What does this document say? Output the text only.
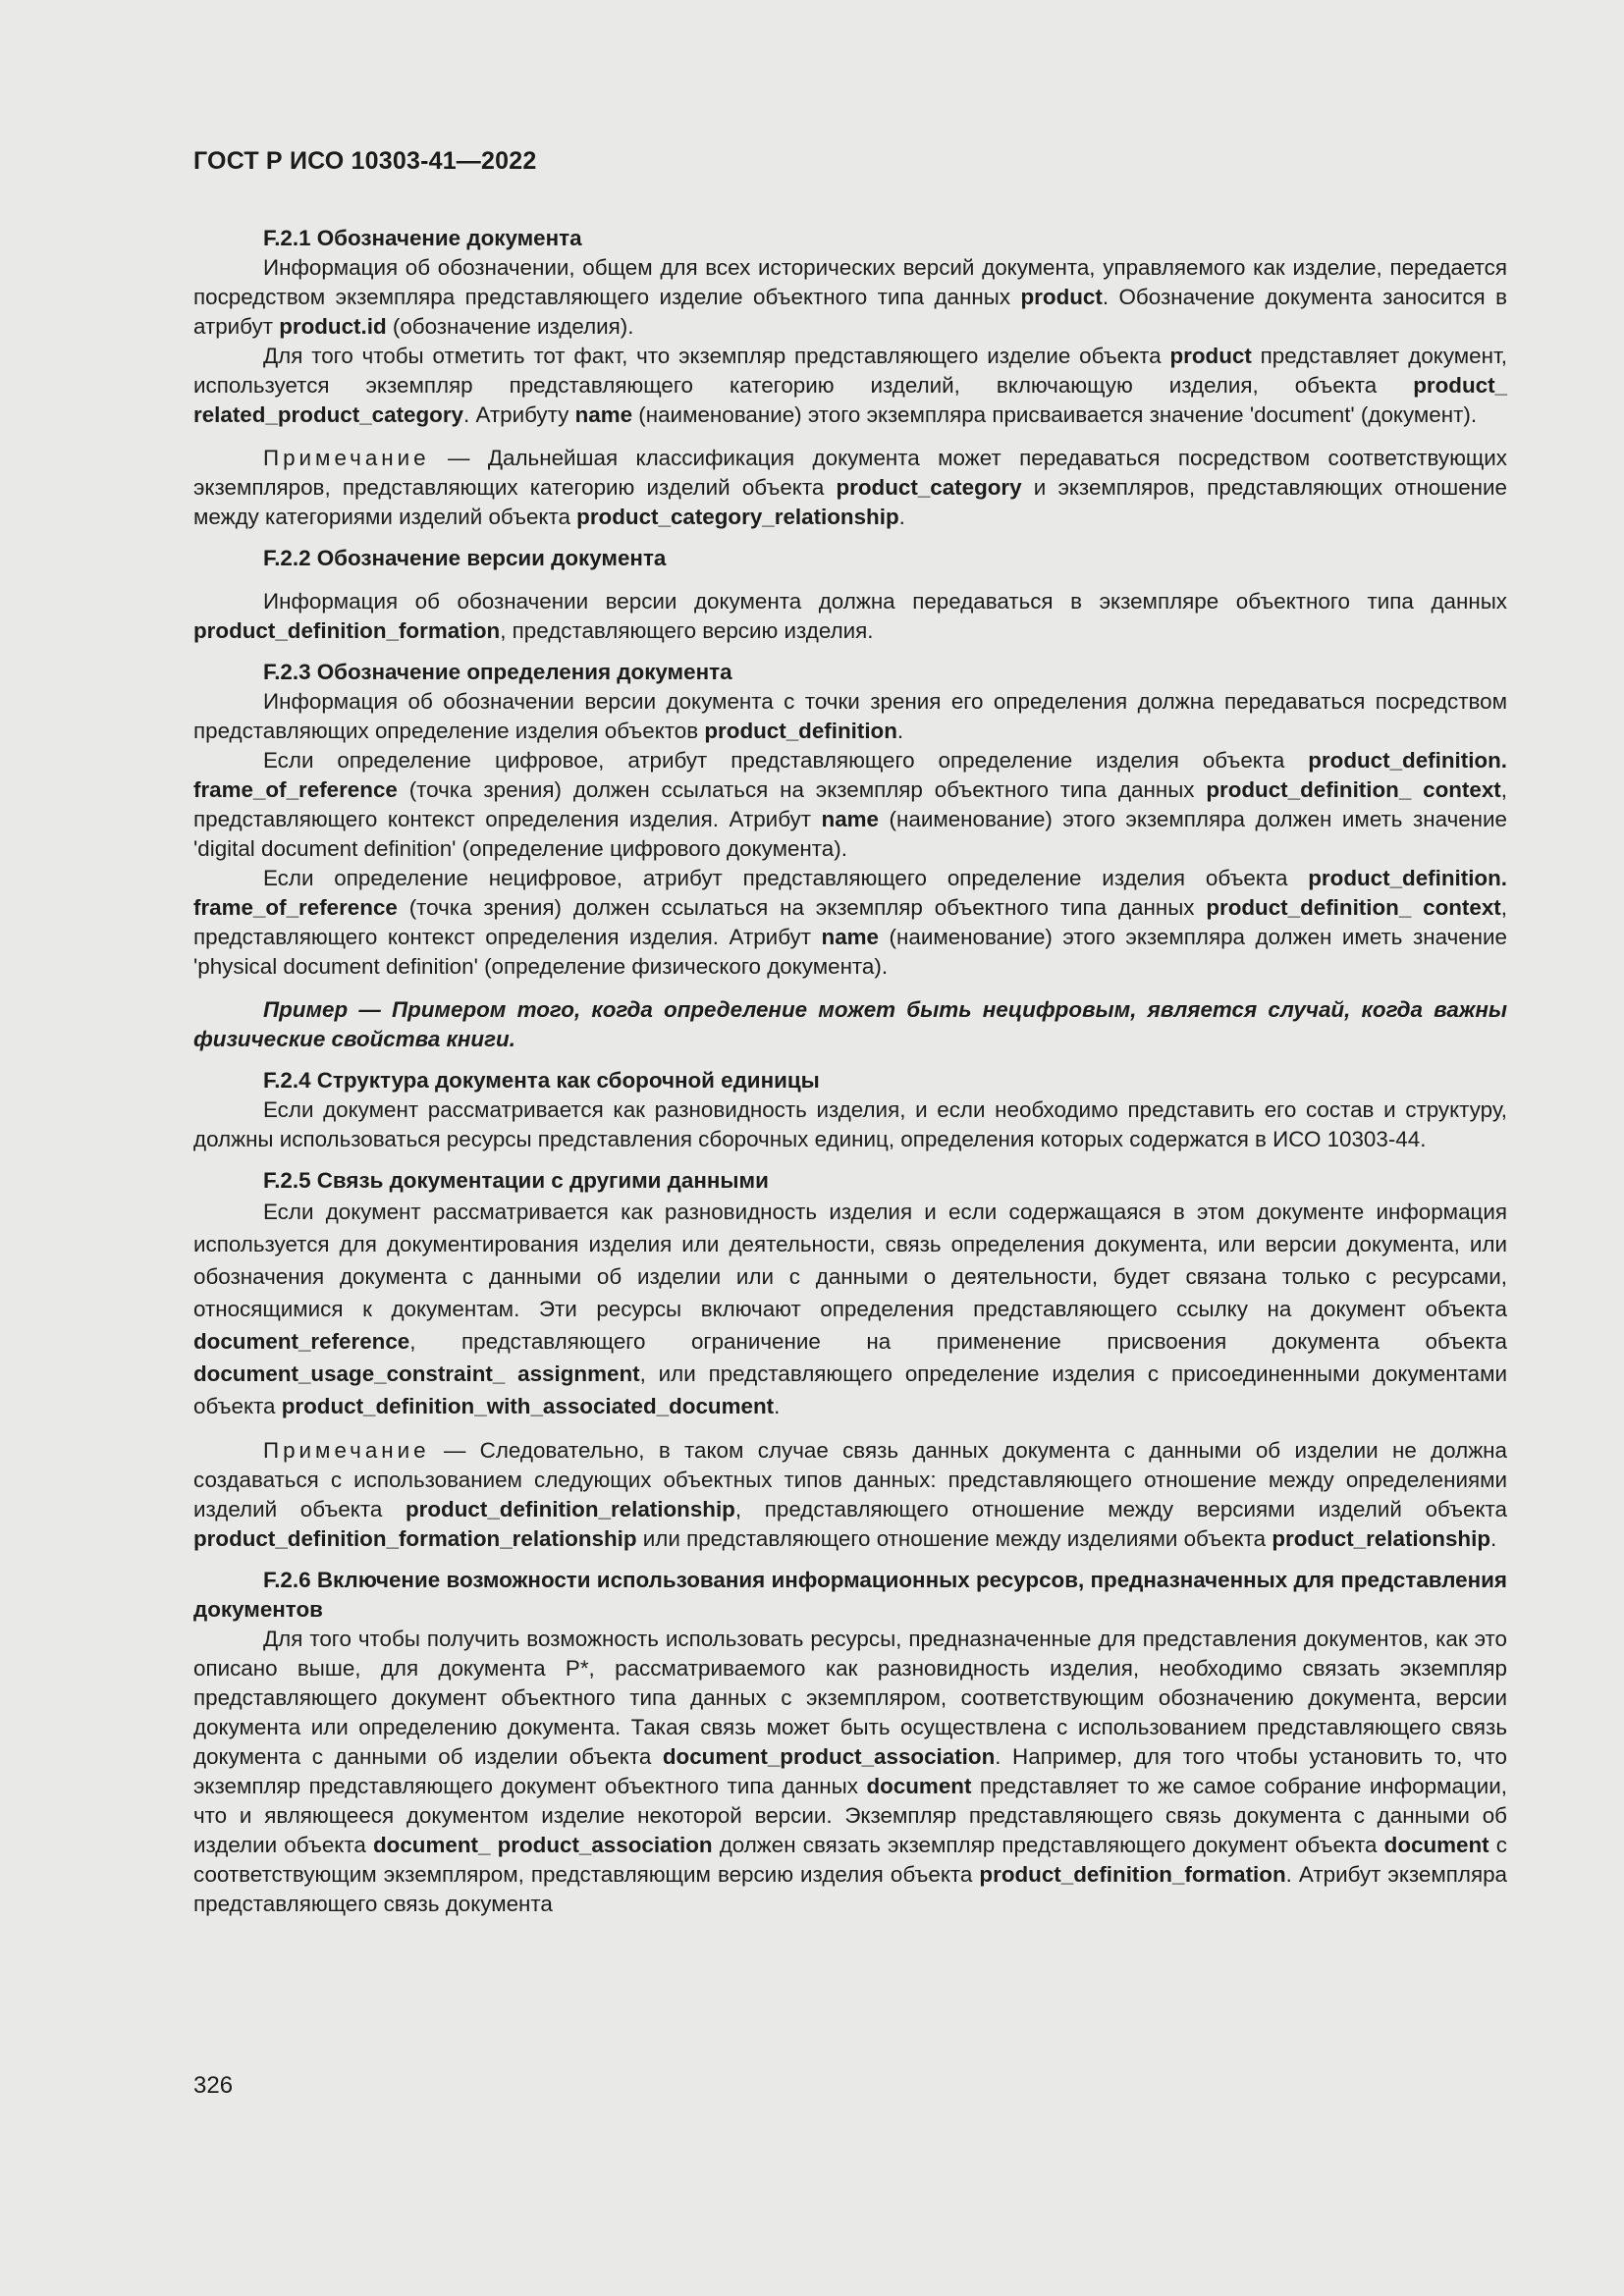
ГОСТ Р ИСО 10303-41—2022

F.2.1 Обозначение документа

Информация об обозначении, общем для всех исторических версий документа, управляемого как изделие, передается посредством экземпляра представляющего изделие объектного типа данных product. Обозначение документа заносится в атрибут product.id (обозначение изделия).

Для того чтобы отметить тот факт, что экземпляр представляющего изделие объекта product представляет документ, используется экземпляр представляющего категорию изделий, включающую изделия, объекта product_ related_product_category. Атрибуту name (наименование) этого экземпляра присваивается значение 'document' (документ).

Примечание — Дальнейшая классификация документа может передаваться посредством соответствующих экземпляров, представляющих категорию изделий объекта product_category и экземпляров, представляющих отношение между категориями изделий объекта product_category_relationship.

F.2.2 Обозначение версии документа

Информация об обозначении версии документа должна передаваться в экземпляре объектного типа данных product_definition_formation, представляющего версию изделия.

F.2.3 Обозначение определения документа

Информация об обозначении версии документа с точки зрения его определения должна передаваться посредством представляющих определение изделия объектов product_definition.

Если определение цифровое, атрибут представляющего определение изделия объекта product_definition. frame_of_reference (точка зрения) должен ссылаться на экземпляр объектного типа данных product_definition_ context, представляющего контекст определения изделия. Атрибут name (наименование) этого экземпляра должен иметь значение 'digital document definition' (определение цифрового документа).

Если определение нецифровое, атрибут представляющего определение изделия объекта product_definition. frame_of_reference (точка зрения) должен ссылаться на экземпляр объектного типа данных product_definition_ context, представляющего контекст определения изделия. Атрибут name (наименование) этого экземпляра должен иметь значение 'physical document definition' (определение физического документа).

Пример — Примером того, когда определение может быть нецифровым, является случай, когда важны физические свойства книги.

F.2.4 Структура документа как сборочной единицы

Если документ рассматривается как разновидность изделия, и если необходимо представить его состав и структуру, должны использоваться ресурсы представления сборочных единиц, определения которых содержатся в ИСО 10303-44.

F.2.5 Связь документации с другими данными

Если документ рассматривается как разновидность изделия и если содержащаяся в этом документе информация используется для документирования изделия или деятельности, связь определения документа, или версии документа, или обозначения документа с данными об изделии или с данными о деятельности, будет связана только с ресурсами, относящимися к документам. Эти ресурсы включают определения представляющего ссылку на документ объекта document_reference, представляющего ограничение на применение присвоения документа объекта document_usage_constraint_ assignment, или представляющего определение изделия с присоединенными документами объекта product_definition_with_associated_document.

Примечание — Следовательно, в таком случае связь данных документа с данными об изделии не должна создаваться с использованием следующих объектных типов данных: представляющего отношение между определениями изделий объекта product_definition_relationship, представляющего отношение между версиями изделий объекта product_definition_formation_relationship или представляющего отношение между изделиями объекта product_relationship.

F.2.6 Включение возможности использования информационных ресурсов, предназначенных для представления документов

Для того чтобы получить возможность использовать ресурсы, предназначенные для представления документов, как это описано выше, для документа Р*, рассматриваемого как разновидность изделия, необходимо связать экземпляр представляющего документ объектного типа данных с экземпляром, соответствующим обозначению документа, версии документа или определению документа. Такая связь может быть осуществлена с использованием представляющего связь документа с данными об изделии объекта document_product_association. Например, для того чтобы установить то, что экземпляр представляющего документ объектного типа данных document представляет то же самое собрание информации, что и являющееся документом изделие некоторой версии. Экземпляр представляющего связь документа с данными об изделии объекта document_ product_association должен связать экземпляр представляющего документ объекта document с соответствующим экземпляром, представляющим версию изделия объекта product_definition_formation. Атрибут экземпляра представляющего связь документа

326
